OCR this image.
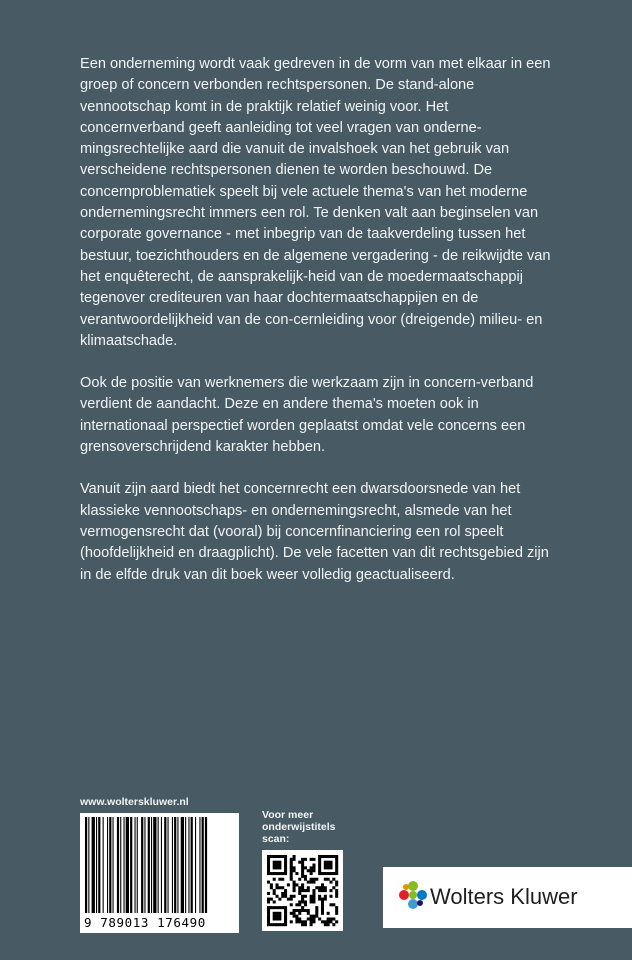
Een onderneming wordt vaak gedreven in de vorm van met elkaar in een groep of concern verbonden rechtspersonen. De stand-alone vennootschap komt in de praktijk relatief weinig voor. Het concernverband geeft aanleiding tot veel vragen van onderne-mingsrechtelijke aard die vanuit de invalshoek van het gebruik van verscheidene rechtspersonen dienen te worden beschouwd. De concernproblematiek speelt bij vele actuele thema's van het moderne ondernemingsrecht immers een rol. Te denken valt aan beginselen van corporate governance - met inbegrip van de taakverdeling tussen het bestuur, toezichthouders en de algemene vergadering - de reikwijdte van het enquêterecht, de aansprakelijk-heid van de moedermaatschappij tegenover crediteuren van haar dochtermaatschappijen en de verantwoordelijkheid van de con-cernleiding voor (dreigende) milieu- en klimaatschade.

Ook de positie van werknemers die werkzaam zijn in concern-verband verdient de aandacht. Deze en andere thema's moeten ook in internationaal perspectief worden geplaatst omdat vele concerns een grensoverschrijdend karakter hebben.

Vanuit zijn aard biedt het concernrecht een dwarsdoorsnede van het klassieke vennootschaps- en ondernemingsrecht, alsmede van het vermogensrecht dat (vooral) bij concernfinanciering een rol speelt (hoofdelijkheid en draagplicht). De vele facetten van dit rechtsgebied zijn in de elfde druk van dit boek weer volledig geactualiseerd.

www.wolterskluwer.nl
9 789013 176490
Voor meer
onderwijstitels
scan:
Wolters Kluwer
